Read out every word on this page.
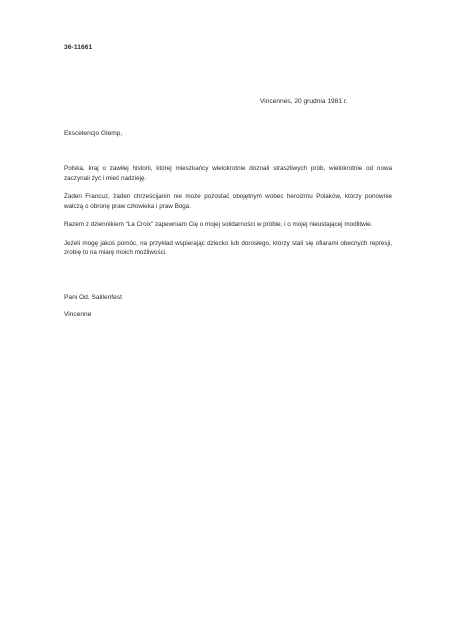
36-11661
Vincennes, 20 grudnia 1981 r.
Ekscelencjo Glemp,

Polska, kraj o zawiłej historii, której mieszkańcy wielokrotnie doznali straszliwych prób, wielokrotnie od nowa zaczynali żyć i mieć nadzieję.

Żaden Francuz, żaden chrześcijanin nie może pozostać obojętnym wobec heroizmu Polaków, którzy ponownie walczą o obronę praw człowieka i praw Boga.

Razem z dziennikiem “La Croix” zapewniam Cię o mojej solidarności w próbie, i o mojej nieustającej modlitwie.

Jeżeli mogę jakoś pomóc, na przykład wspierając dziecko lub dorosłego, którzy stali się ofiarami obecnych represji, zrobię to na miarę moich możliwości.

Pani Od. Saillenfest
Vincenne
